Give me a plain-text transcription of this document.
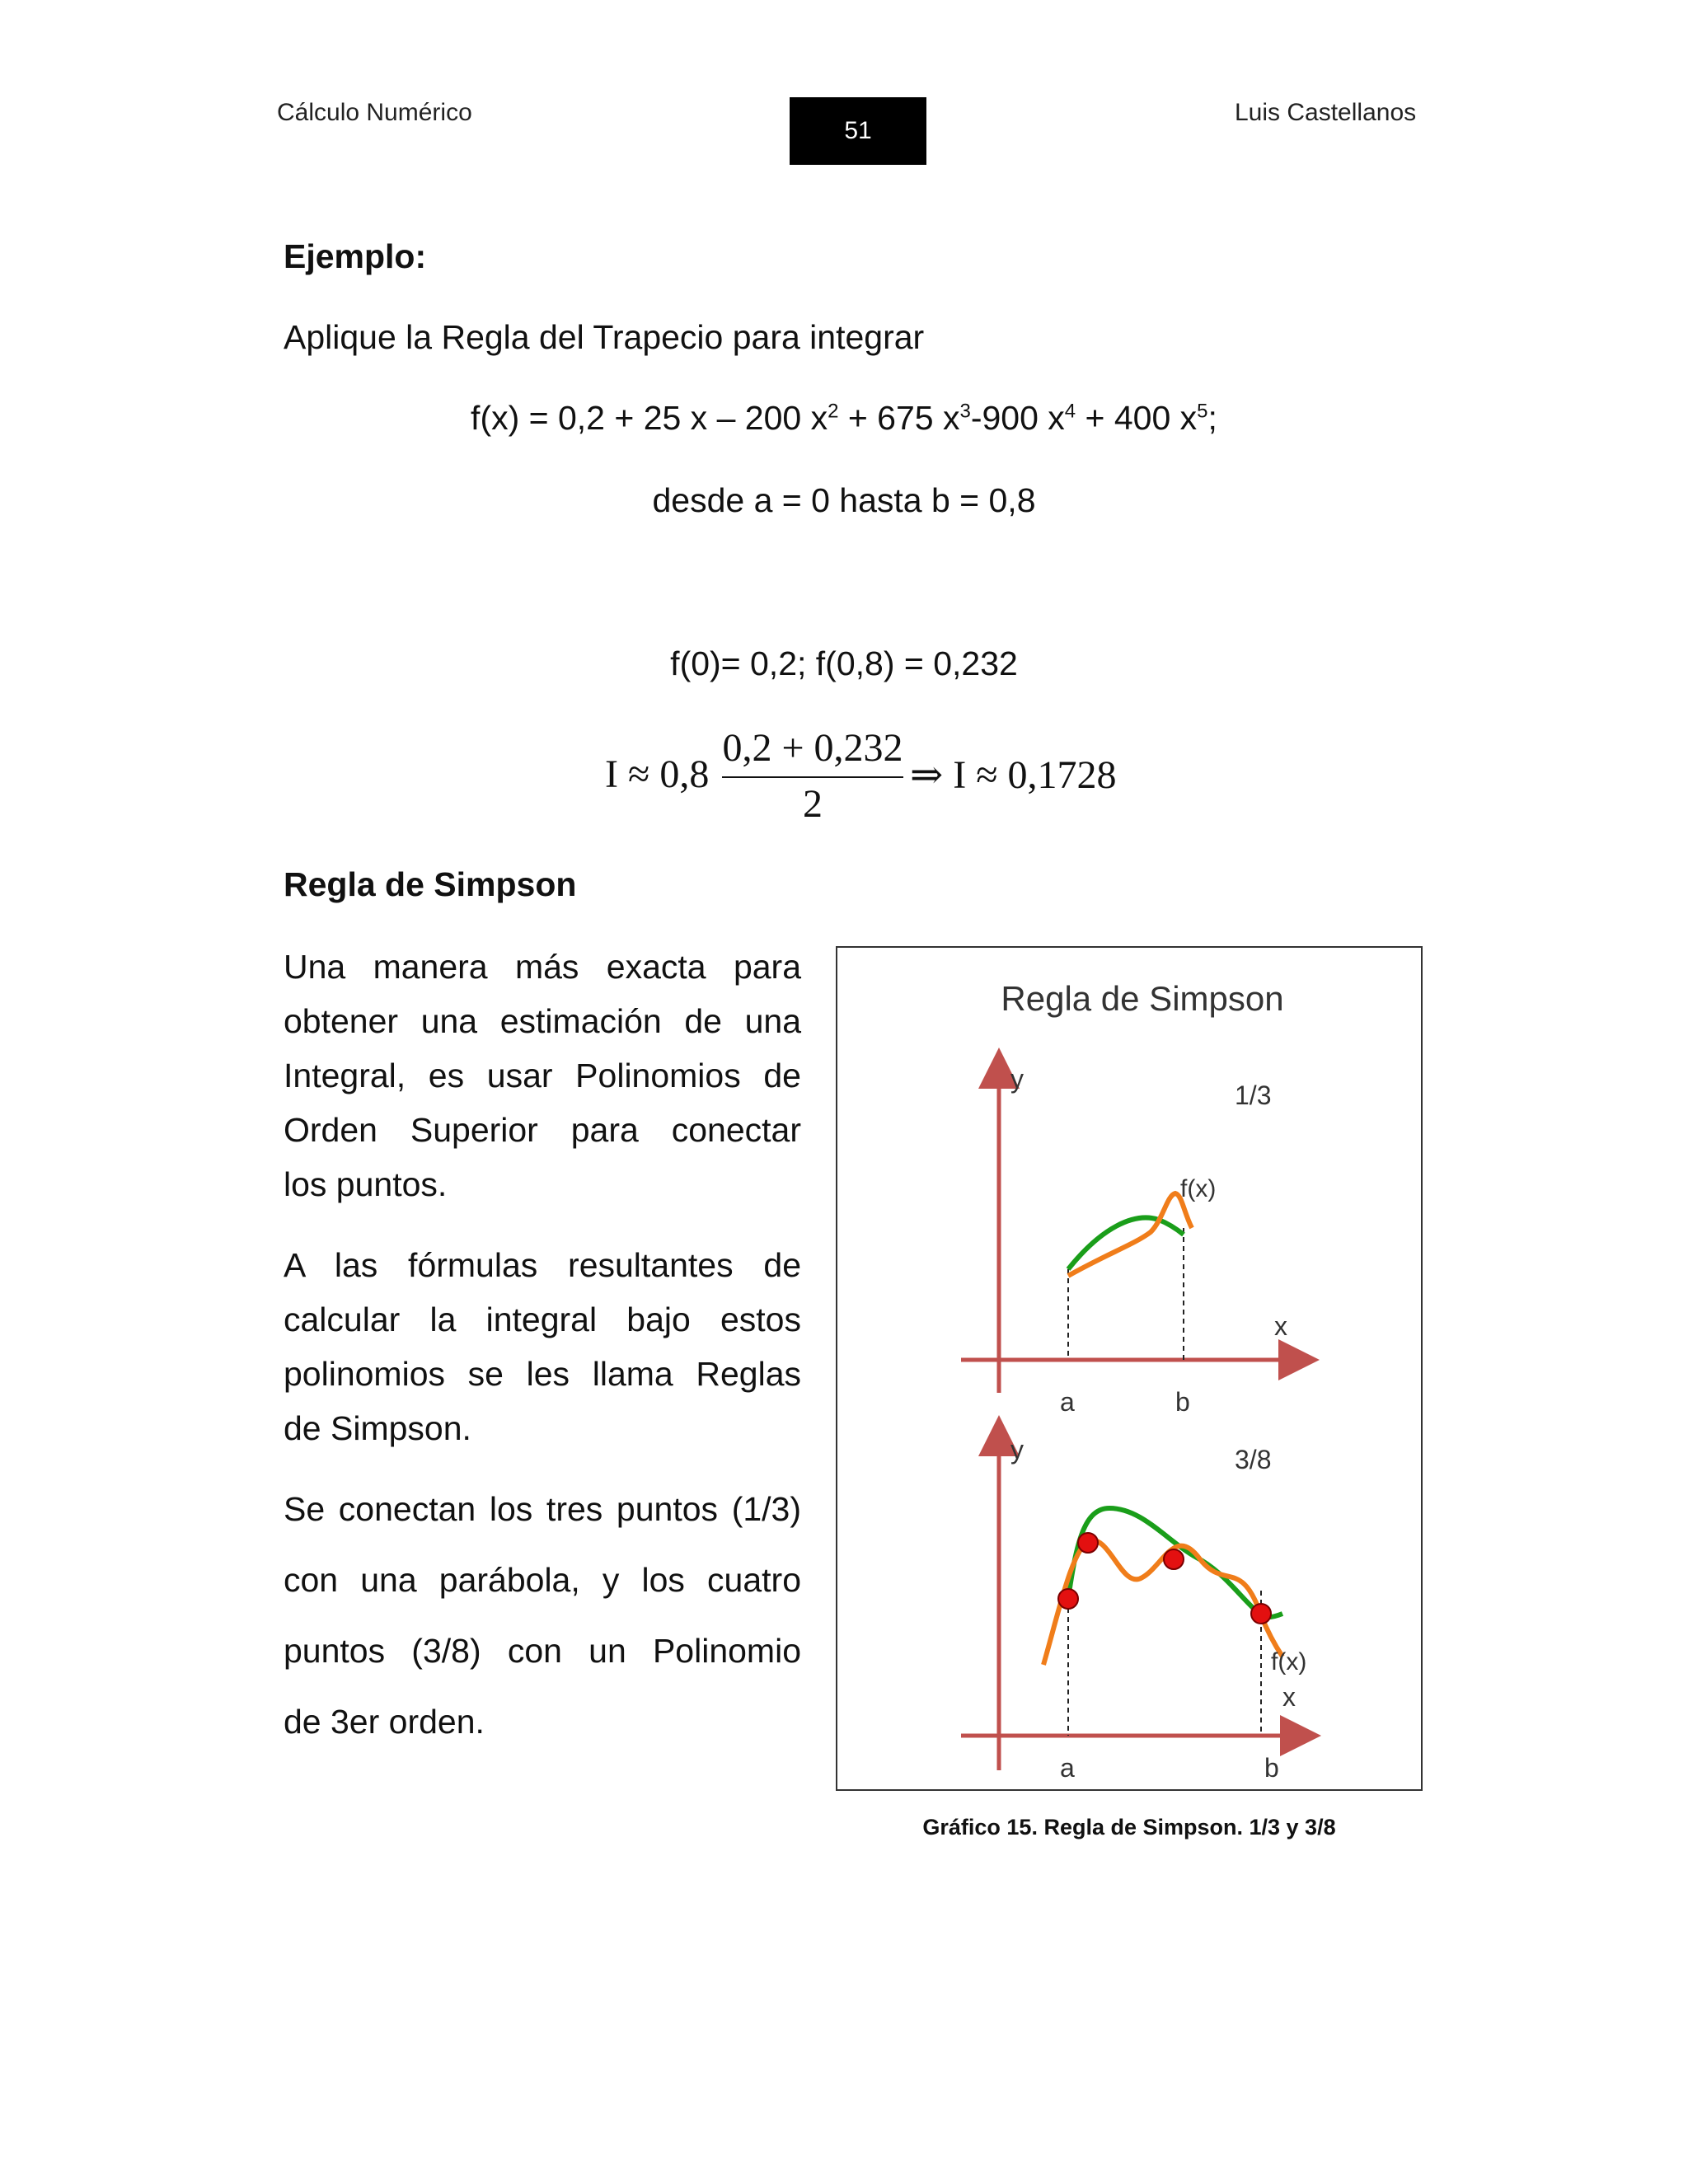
Cálculo Numérico
51
Luis Castellanos
Ejemplo:
Aplique la Regla del Trapecio para integrar
f(x) = 0,2 + 25 x – 200 $x^2 + 675$ $x^3-900$ $x^4 + 400$ $x^5$;
desde a = 0 hasta b = 0,8
f(0)= 0,2; f(0,8) = 0,232
I ≈ 0,8
0,2 + 0,232
2
⇒ I ≈ 0,1728
Regla de Simpson
Una manera más exacta para
obtener una estimación de una
Integral, es usar Polinomios de
Orden Superior para conectar
los puntos.
A las fórmulas resultantes de
calcular la integral bajo estos
polinomios se les llama Reglas
de Simpson.
Se conectan los tres puntos (1/3)
con una parábola, y los cuatro
puntos (3/8) con un Polinomio
de 3er orden.
Regla de Simpson
y
x
1/3
a	b
f(x)
y
x
3/8
a	b
f(x)
Gráfico 15. Regla de Simpson. 1/3 y 3/8
